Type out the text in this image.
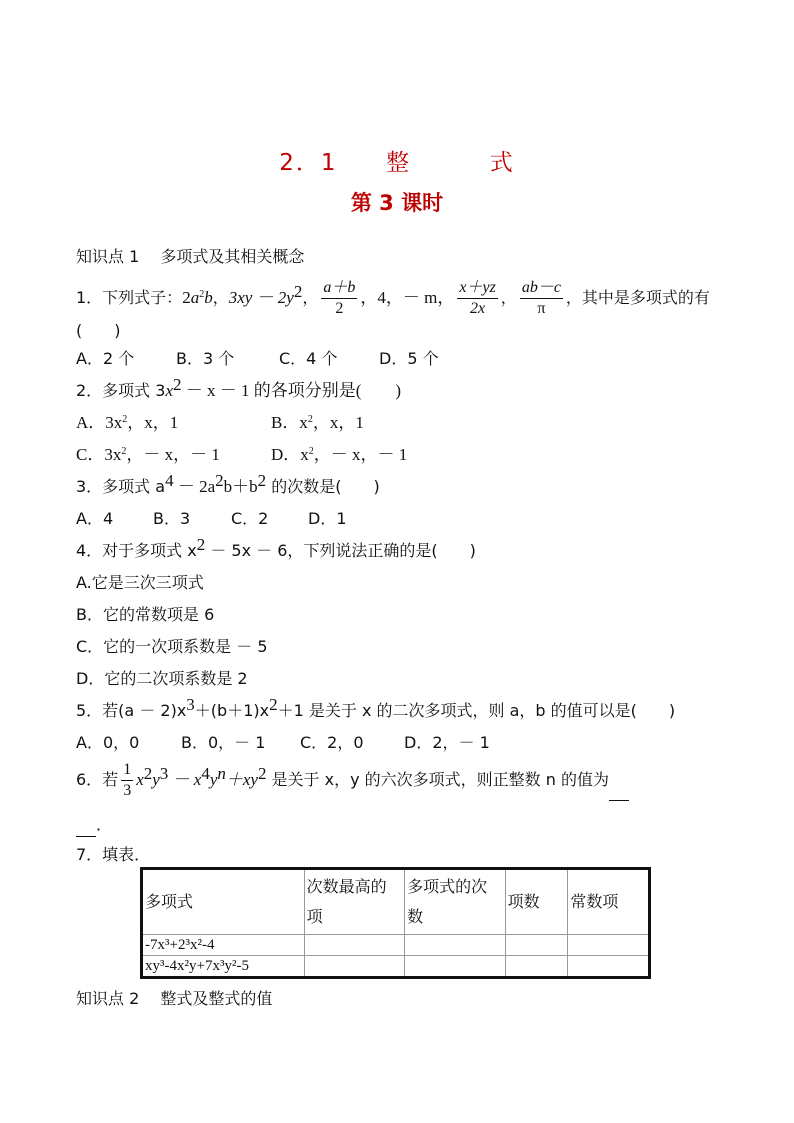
2．1 整	式
第 3 课时
知识点 1　 多项式及其相关概念
1．下列式子：$2a^2b$，$3xy - 2y^2$， $\frac{a+b}{2}$ ，4，－ m， $\frac{x+yz}{2x}$ ， $\frac{ab-c}{\pi}$ ，其中是多项式的有
(　　)
A．2 个	B．3 个	C．4 个	D．5 个
2．多项式 $3x^2 - x - 1$ 的各项分别是(　　)
A．$3x^2$，x，1	B．$x^2$，x，1
C．$3x^2$，－ x，－ 1	D．$x^2$，－ x，－ 1
3．多项式 $a^4 - 2a^2b+b^2$ 的次数是(　　)
A．4 B．3	C．2 D．1
4．对于多项式 $x^2 - 5x - 6$，下列说法正确的是(　　)
A.它是三次三项式
B．它的常数项是 6
C．它的一次项系数是 － 5
D．它的二次项系数是 2
5．若$(a - 2)x^3+(b+1)x^2+1$ 是关于 x 的二次多项式，则 a，b 的值可以是(　　)
A．0，0	B．0，－ 1 C．2，0	D．2，－ 1
6．若 $\frac{1}{3} x^2y^3 - x^4y^n+xy^2$ 是关于 x，y 的六次多项式，则正整数 n 的值为
．
7．填表．
多项式	次数最高的项	多项式的次数	项数	常数项
-7x³+2³x²-4				
xy³-4x²y+7x³y²-5				
知识点 2　 整式及整式的值
